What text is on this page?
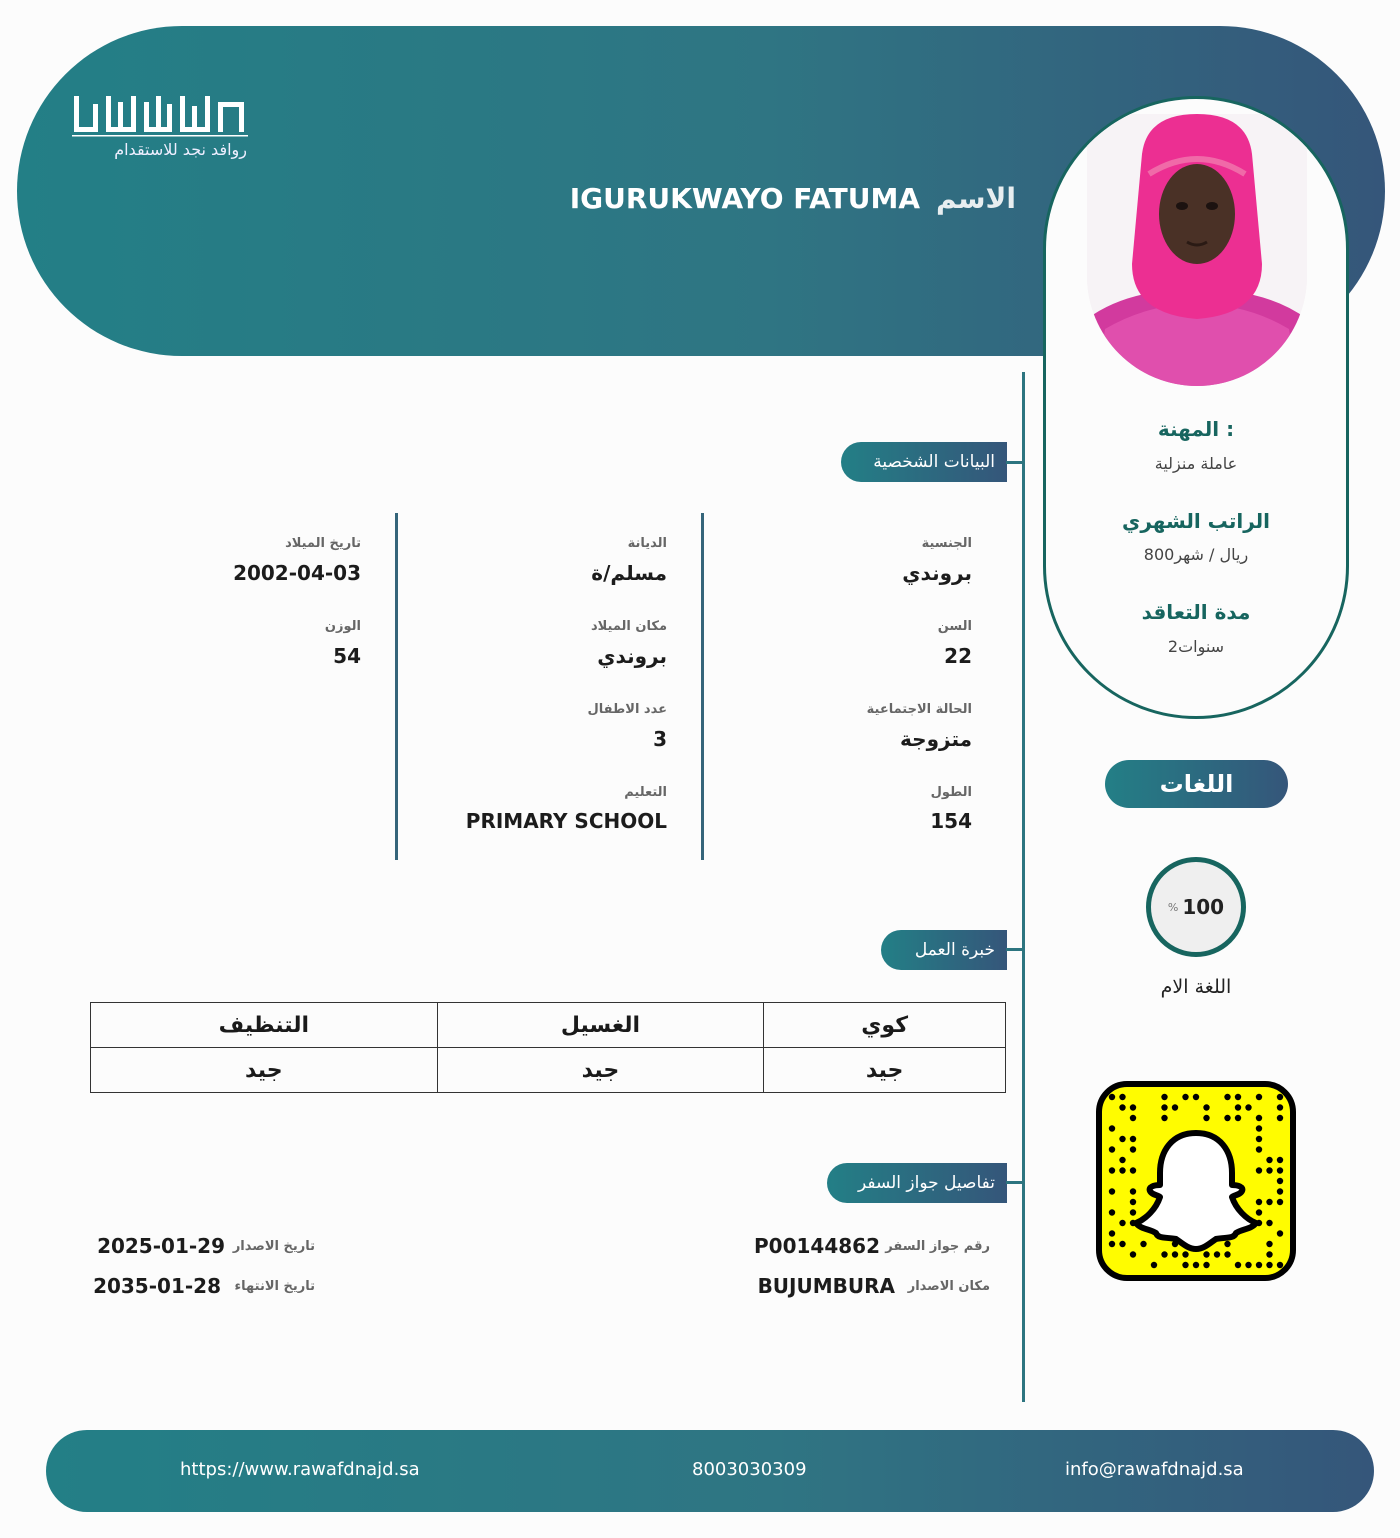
روافد نجد للاستقدام
الاسم
IGURUKWAYO FATUMA
المهنة :
عاملة منزلية
الراتب الشهري
800ريال / شهر
مدة التعاقد
2سنوات
البيانات الشخصية
الجنسية
بروندي
السن
22
الحالة الاجتماعية
متزوجة
الطول
154
الديانة
مسلم/ة
مكان الميلاد
بروندي
عدد الاطفال
3
التعليم
PRIMARY SCHOOL
تاريخ الميلاد
2002-04-03
الوزن
54
خبرة العمل
التنظيف	الغسيل	كوي
جيد	جيد	جيد
تفاصيل جواز السفر
رقم جواز السفر
P00144862
مكان الاصدار
BUJUMBURA
تاريخ الاصدار
2025-01-29
تاريخ الانتهاء
2035-01-28
اللغات
% 100
اللغة الام
https://www.rawafdnajd.sa	8003030309	info@rawafdnajd.sa
